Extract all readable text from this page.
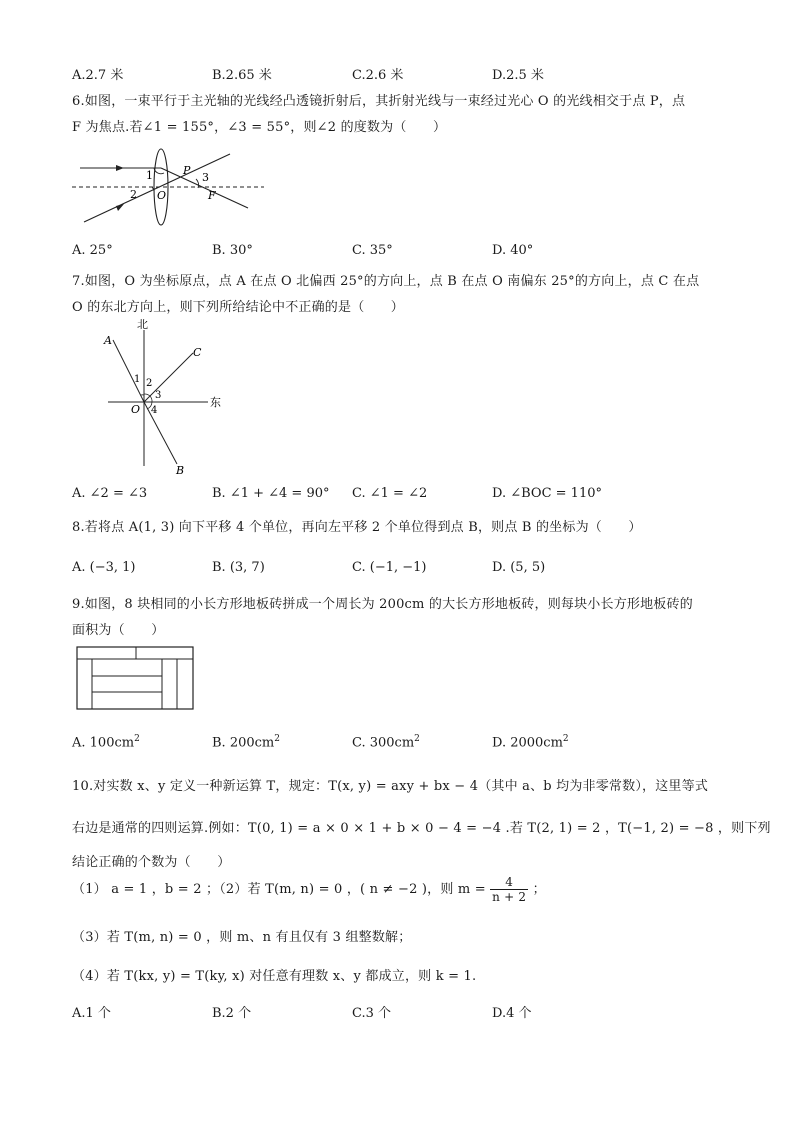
A.2.7 米	B.2.65 米	C.2.6 米	D.2.5 米
6.如图，一束平行于主光轴的光线经凸透镜折射后，其折射光线与一束经过光心 O 的光线相交于点 P，点
F 为焦点.若∠1 = 155°，∠3 = 55°，则∠2 的度数为（　　）
1
2
3
P
O	F
A. 25°	B. 30°	C. 35°	D. 40°
7.如图，O 为坐标原点，点 A 在点 O 北偏西 25°的方向上，点 B 在点 O 南偏东 25°的方向上，点 C 在点
O 的东北方向上，则下列所给结论中不正确的是（　　）
北
东
A
C
B
O
1 2
3
4
A. ∠2 = ∠3	B. ∠1 + ∠4 = 90° C. ∠1 = ∠2	D. ∠BOC = 110°
8.若将点 A(1, 3) 向下平移 4 个单位，再向左平移 2 个单位得到点 B，则点 B 的坐标为（　　）
A. (−3, 1)	B. (3, 7)	C. (−1, −1)	D. (5, 5)
9.如图，8 块相同的小长方形地板砖拼成一个周长为 200cm 的大长方形地板砖，则每块小长方形地板砖的
面积为（　　）
A. $100cm^2$	B. $200cm^2$	C. $300cm^2$	D. $2000cm^2$
10.对实数 x、y 定义一种新运算 T，规定：T(x, y) = axy + bx − 4（其中 a、b 均为非零常数），这里等式
右边是通常的四则运算.例如：T(0, 1) = a × 0 × 1 + b × 0 − 4 = −4 .若 T(2, 1) = 2 ，T(−1, 2) = −8 ，则下列
结论正确的个数为（　　）
（1） a = 1 ，b = 2 ；（2）若 T(m, n) = 0 ，( n ≠ −2 )，则 $m = \frac{4}{n + 2}$ ；
（3）若 T(m, n) = 0 ，则 m、n 有且仅有 3 组整数解；
（4）若 T(kx, y) = T(ky, x) 对任意有理数 x、y 都成立，则 k = 1.
A.1 个	B.2 个	C.3 个	D.4 个
